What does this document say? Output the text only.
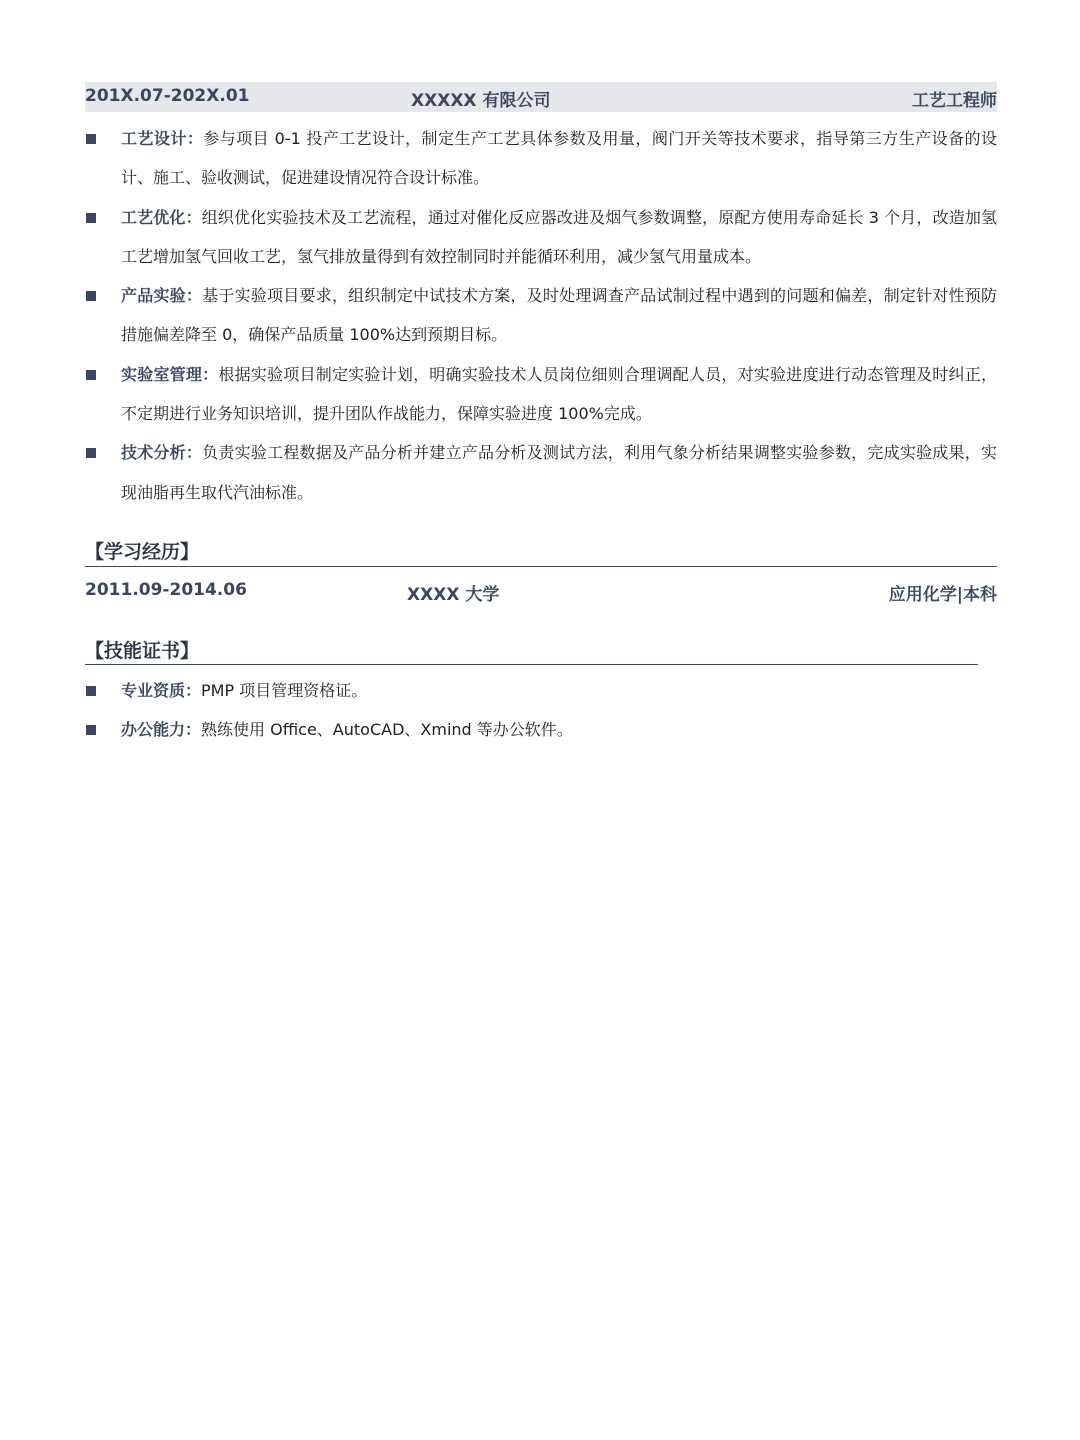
201X.07-202X.01	XXXXX 有限公司	工艺工程师
工艺设计：参与项目 0-1 投产工艺设计，制定生产工艺具体参数及用量，阀门开关等技术要求，指导第三方生产设备的设计、施工、验收测试，促进建设情况符合设计标准。
工艺优化：组织优化实验技术及工艺流程，通过对催化反应器改进及烟气参数调整，原配方使用寿命延长 3 个月，改造加氢工艺增加氢气回收工艺，氢气排放量得到有效控制同时并能循环利用，减少氢气用量成本。
产品实验：基于实验项目要求，组织制定中试技术方案，及时处理调查产品试制过程中遇到的问题和偏差，制定针对性预防措施偏差降至 0，确保产品质量 100%达到预期目标。
实验室管理：根据实验项目制定实验计划，明确实验技术人员岗位细则合理调配人员，对实验进度进行动态管理及时纠正，不定期进行业务知识培训，提升团队作战能力，保障实验进度 100%完成。
技术分析：负责实验工程数据及产品分析并建立产品分析及测试方法，利用气象分析结果调整实验参数，完成实验成果，实现油脂再生取代汽油标准。
【学习经历】
2011.09-2014.06	XXXX 大学	应用化学|本科
【技能证书】
专业资质：PMP 项目管理资格证。
办公能力：熟练使用 Office、AutoCAD、Xmind 等办公软件。
